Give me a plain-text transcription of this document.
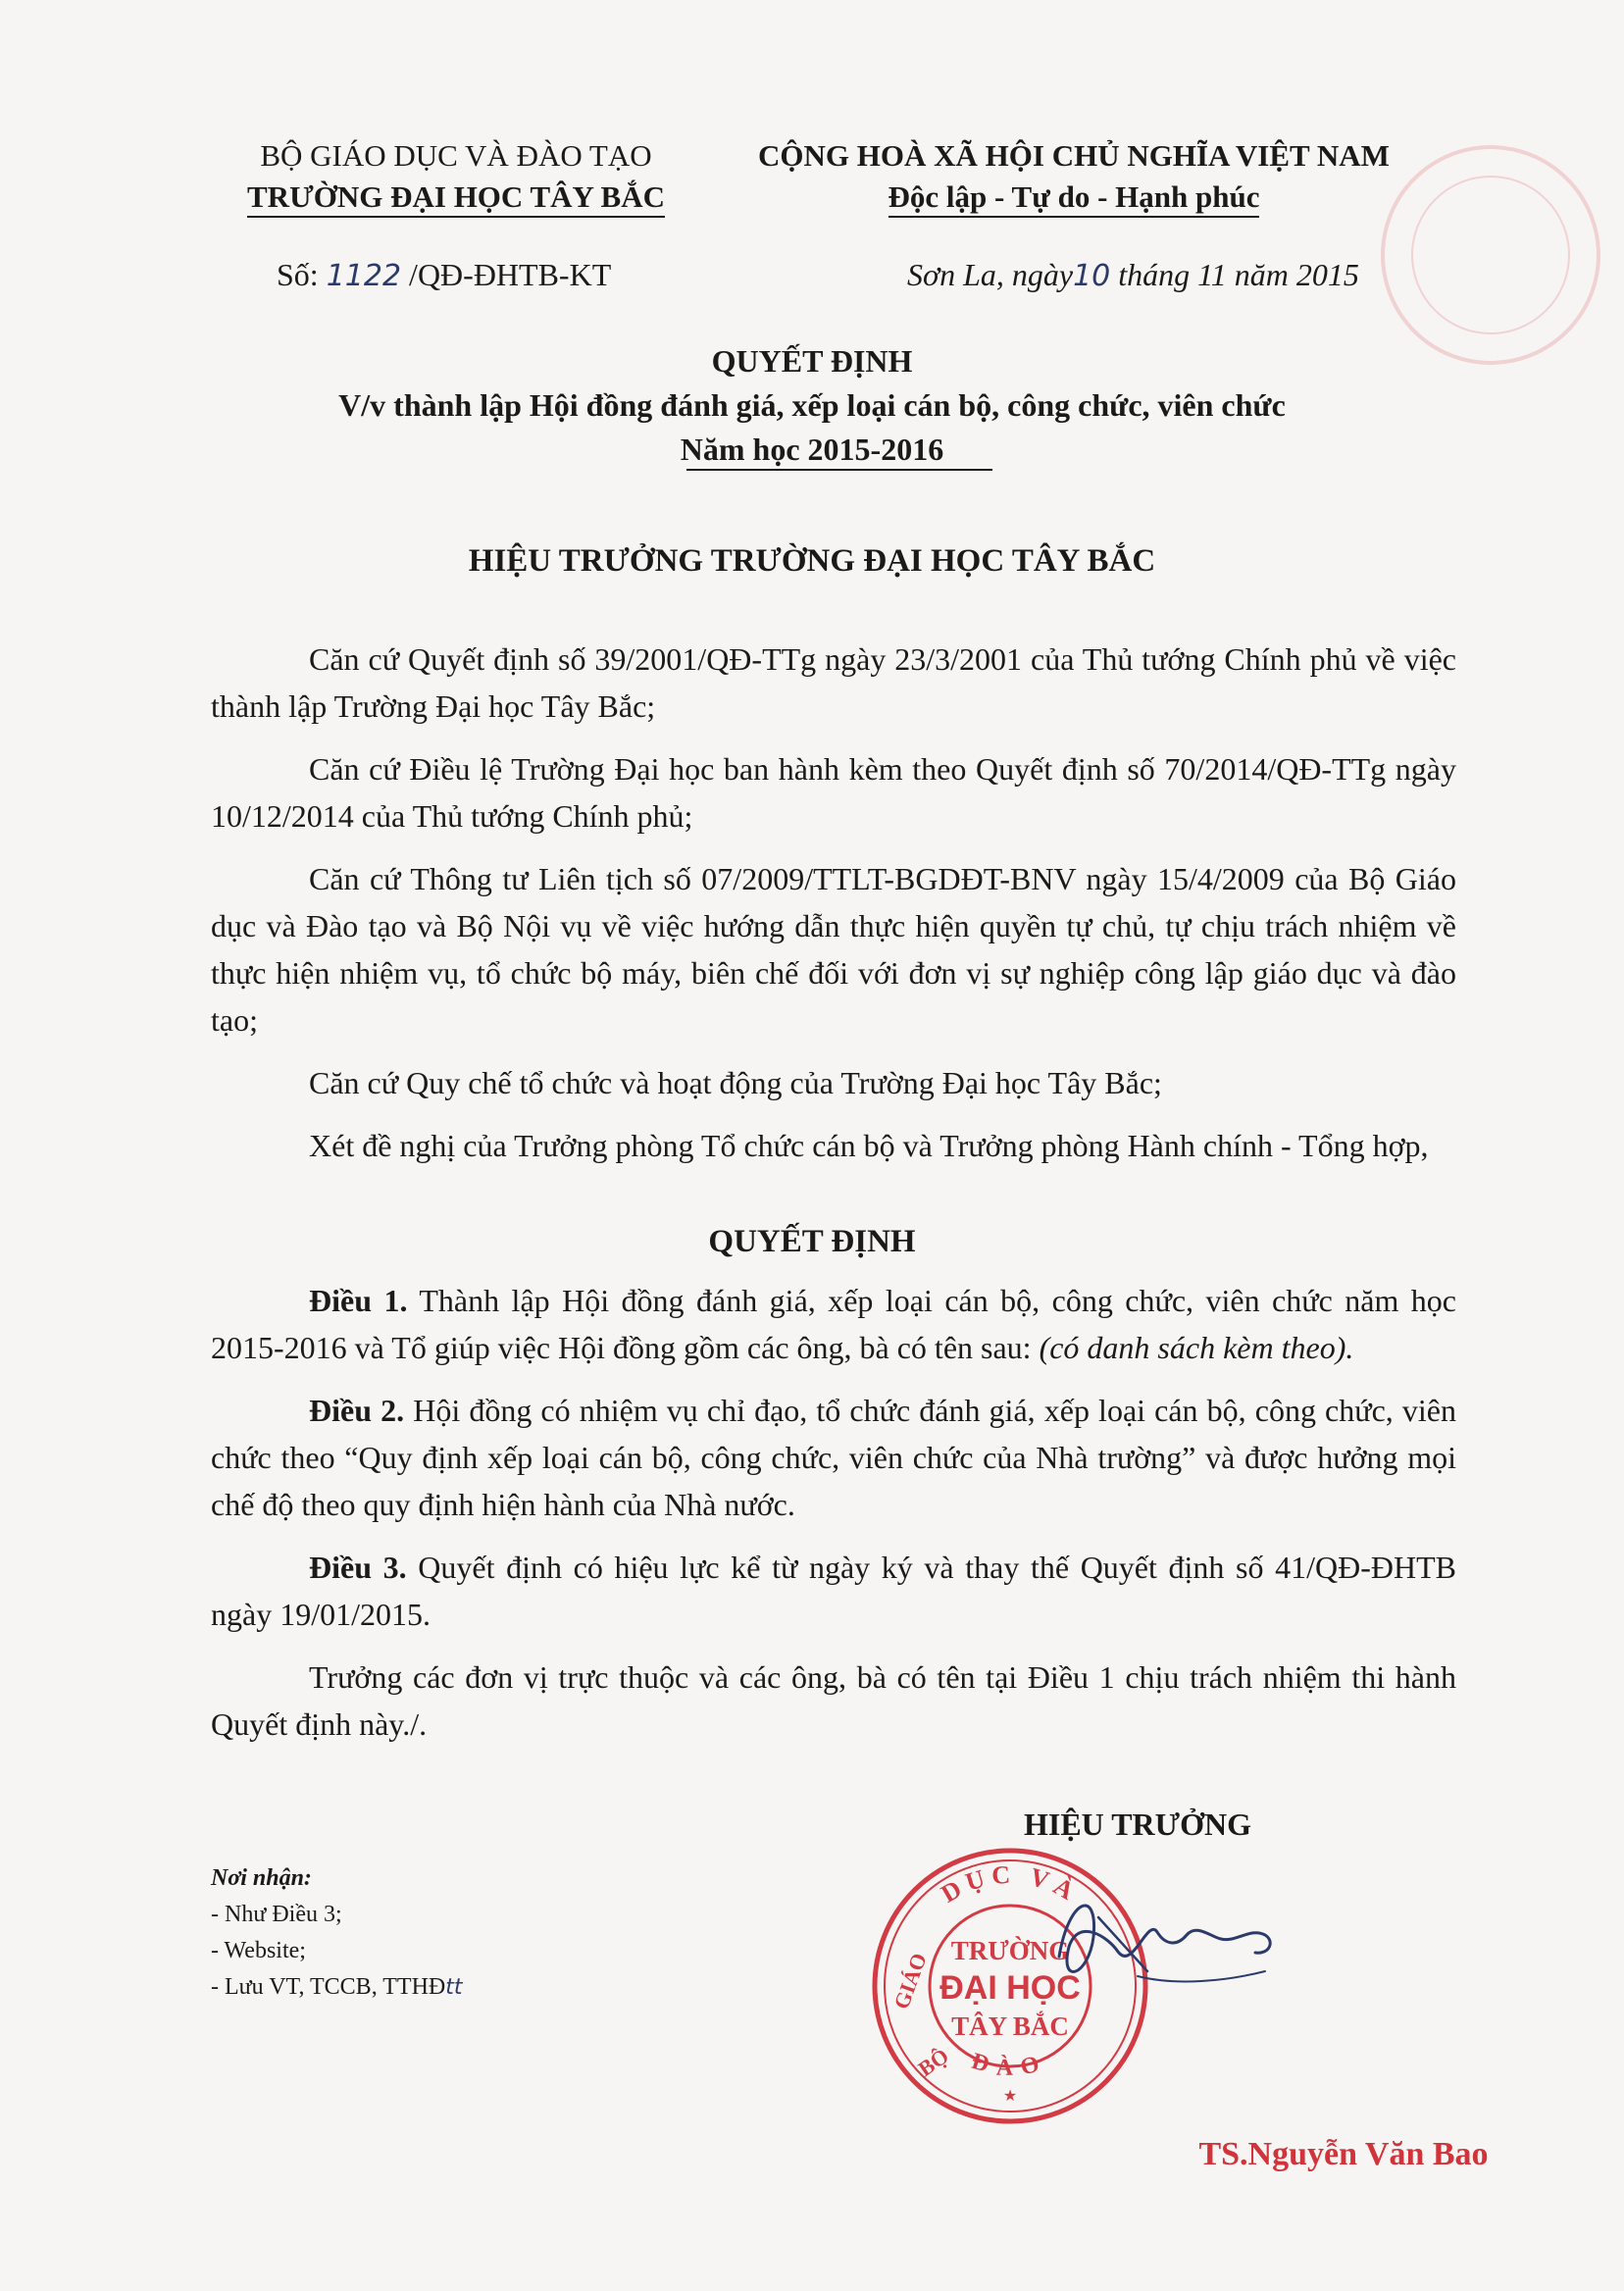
BỘ GIÁO DỤC VÀ ĐÀO TẠO
TRƯỜNG ĐẠI HỌC TÂY BẮC
CỘNG HOÀ XÃ HỘI CHỦ NGHĨA VIỆT NAM
Độc lập - Tự do - Hạnh phúc
Số: 1122 /QĐ-ĐHTB-KT	Sơn La, ngày10 tháng 11 năm 2015
QUYẾT ĐỊNH
V/v thành lập Hội đồng đánh giá, xếp loại cán bộ, công chức, viên chức
Năm học 2015-2016
HIỆU TRƯỞNG TRƯỜNG ĐẠI HỌC TÂY BẮC

Căn cứ Quyết định số 39/2001/QĐ-TTg ngày 23/3/2001 của Thủ tướng Chính phủ về việc thành lập Trường Đại học Tây Bắc;

Căn cứ Điều lệ Trường Đại học ban hành kèm theo Quyết định số 70/2014/QĐ-TTg ngày 10/12/2014 của Thủ tướng Chính phủ;

Căn cứ Thông tư Liên tịch số 07/2009/TTLT-BGDĐT-BNV ngày 15/4/2009 của Bộ Giáo dục và Đào tạo và Bộ Nội vụ về việc hướng dẫn thực hiện quyền tự chủ, tự chịu trách nhiệm về thực hiện nhiệm vụ, tổ chức bộ máy, biên chế đối với đơn vị sự nghiệp công lập giáo dục và đào tạo;

Căn cứ Quy chế tổ chức và hoạt động của Trường Đại học Tây Bắc;

Xét đề nghị của Trưởng phòng Tổ chức cán bộ và Trưởng phòng Hành chính - Tổng hợp,

QUYẾT ĐỊNH

Điều 1. Thành lập Hội đồng đánh giá, xếp loại cán bộ, công chức, viên chức năm học 2015-2016 và Tổ giúp việc Hội đồng gồm các ông, bà có tên sau: (có danh sách kèm theo).

Điều 2. Hội đồng có nhiệm vụ chỉ đạo, tổ chức đánh giá, xếp loại cán bộ, công chức, viên chức theo “Quy định xếp loại cán bộ, công chức, viên chức của Nhà trường” và được hưởng mọi chế độ theo quy định hiện hành của Nhà nước.

Điều 3. Quyết định có hiệu lực kể từ ngày ký và thay thế Quyết định số 41/QĐ-ĐHTB ngày 19/01/2015.

Trưởng các đơn vị trực thuộc và các ông, bà có tên tại Điều 1 chịu trách nhiệm thi hành Quyết định này./.

HIỆU TRƯỞNG
Nơi nhận:
- Như Điều 3;
- Website;
- Lưu VT, TCCB, TTHĐtt
DỤC VÀ
ĐÀO
GIÁO
BỘ
TRƯỜNG
ĐẠI HỌC
TÂY BẮC
★
TS.Nguyễn Văn Bao
